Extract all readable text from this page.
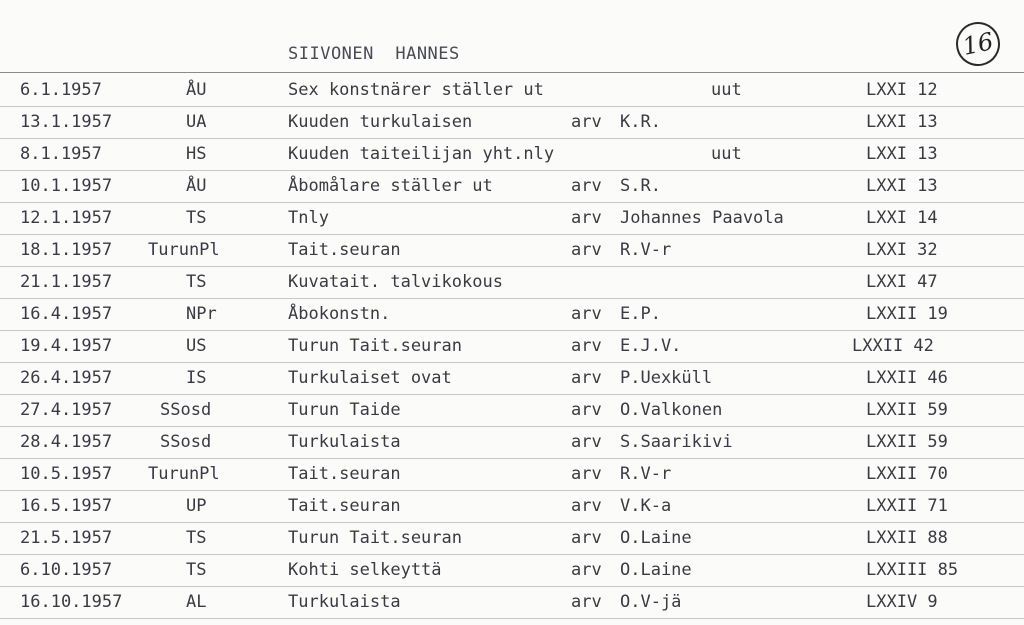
SIIVONEN  HANNES	16
6.1.1957	ÅU	Sex konstnärer ställer ut	uut	LXXI 12
13.1.1957	UA	Kuuden turkulaisen	arv K.R.	LXXI 13
8.1.1957	HS	Kuuden taiteilijan yht.nly	uut	LXXI 13
10.1.1957	ÅU	Åbomålare ställer ut	arv S.R.	LXXI 13
12.1.1957	TS	Tnly	arv Johannes Paavola	LXXI 14
18.1.1957 TurunPl	Tait.seuran	arv R.V-r	LXXI 32
21.1.1957	TS	Kuvatait. talvikokous	LXXI 47
16.4.1957	NPr	Åbokonstn.	arv E.P.	LXXII 19
19.4.1957	US	Turun Tait.seuran	arv E.J.V.	LXXII 42
26.4.1957	IS	Turkulaiset ovat	arv P.Uexküll	LXXII 46
27.4.1957	SSosd	Turun Taide	arv O.Valkonen	LXXII 59
28.4.1957	SSosd	Turkulaista	arv S.Saarikivi	LXXII 59
10.5.1957 TurunPl	Tait.seuran	arv R.V-r	LXXII 70
16.5.1957	UP	Tait.seuran	arv V.K-a	LXXII 71
21.5.1957	TS	Turun Tait.seuran	arv O.Laine	LXXII 88
6.10.1957	TS	Kohti selkeyttä	arv O.Laine	LXXIII 85
16.10.1957	AL	Turkulaista	arv O.V-jä	LXXIV 9
